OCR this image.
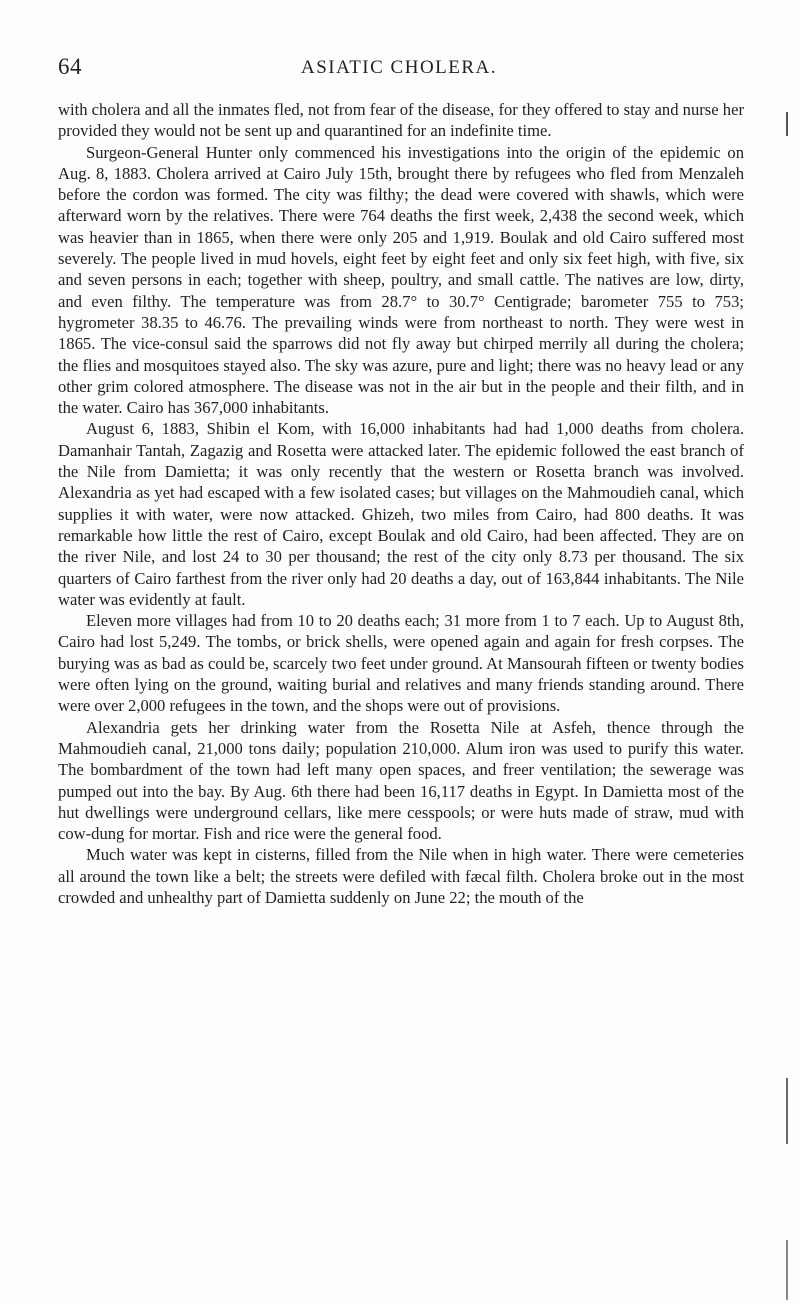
64	ASIATIC CHOLERA.

with cholera and all the inmates fled, not from fear of the disease, for they offered to stay and nurse her provided they would not be sent up and quarantined for an indefinite time.

Surgeon-General Hunter only commenced his investigations into the origin of the epidemic on Aug. 8, 1883. Cholera arrived at Cairo July 15th, brought there by refugees who fled from Menzaleh before the cordon was formed. The city was filthy; the dead were covered with shawls, which were afterward worn by the relatives. There were 764 deaths the first week, 2,438 the second week, which was heavier than in 1865, when there were only 205 and 1,919. Boulak and old Cairo suffered most severely. The people lived in mud hovels, eight feet by eight feet and only six feet high, with five, six and seven persons in each; together with sheep, poultry, and small cattle. The natives are low, dirty, and even filthy. The temperature was from 28.7° to 30.7° Centigrade; barometer 755 to 753; hygrometer 38.35 to 46.76. The prevailing winds were from northeast to north. They were west in 1865. The vice-consul said the sparrows did not fly away but chirped merrily all during the cholera; the flies and mosquitoes stayed also. The sky was azure, pure and light; there was no heavy lead or any other grim colored atmosphere. The disease was not in the air but in the people and their filth, and in the water. Cairo has 367,000 inhabitants.

August 6, 1883, Shibin el Kom, with 16,000 inhabitants had had 1,000 deaths from cholera. Damanhair Tantah, Zagazig and Rosetta were attacked later. The epidemic followed the east branch of the Nile from Damietta; it was only recently that the western or Rosetta branch was involved. Alexandria as yet had escaped with a few isolated cases; but villages on the Mahmoudieh canal, which supplies it with water, were now attacked. Ghizeh, two miles from Cairo, had 800 deaths. It was remarkable how little the rest of Cairo, except Boulak and old Cairo, had been affected. They are on the river Nile, and lost 24 to 30 per thousand; the rest of the city only 8.73 per thousand. The six quarters of Cairo farthest from the river only had 20 deaths a day, out of 163,844 inhabitants. The Nile water was evidently at fault.

Eleven more villages had from 10 to 20 deaths each; 31 more from 1 to 7 each. Up to August 8th, Cairo had lost 5,249. The tombs, or brick shells, were opened again and again for fresh corpses. The burying was as bad as could be, scarcely two feet under ground. At Mansourah fifteen or twenty bodies were often lying on the ground, waiting burial and relatives and many friends standing around. There were over 2,000 refugees in the town, and the shops were out of provisions.

Alexandria gets her drinking water from the Rosetta Nile at Asfeh, thence through the Mahmoudieh canal, 21,000 tons daily; population 210,000. Alum iron was used to purify this water. The bombardment of the town had left many open spaces, and freer ventilation; the sewerage was pumped out into the bay. By Aug. 6th there had been 16,117 deaths in Egypt. In Damietta most of the hut dwellings were underground cellars, like mere cesspools; or were huts made of straw, mud with cow-dung for mortar. Fish and rice were the general food.

Much water was kept in cisterns, filled from the Nile when in high water. There were cemeteries all around the town like a belt; the streets were defiled with fæcal filth. Cholera broke out in the most crowded and unhealthy part of Damietta suddenly on June 22; the mouth of the
